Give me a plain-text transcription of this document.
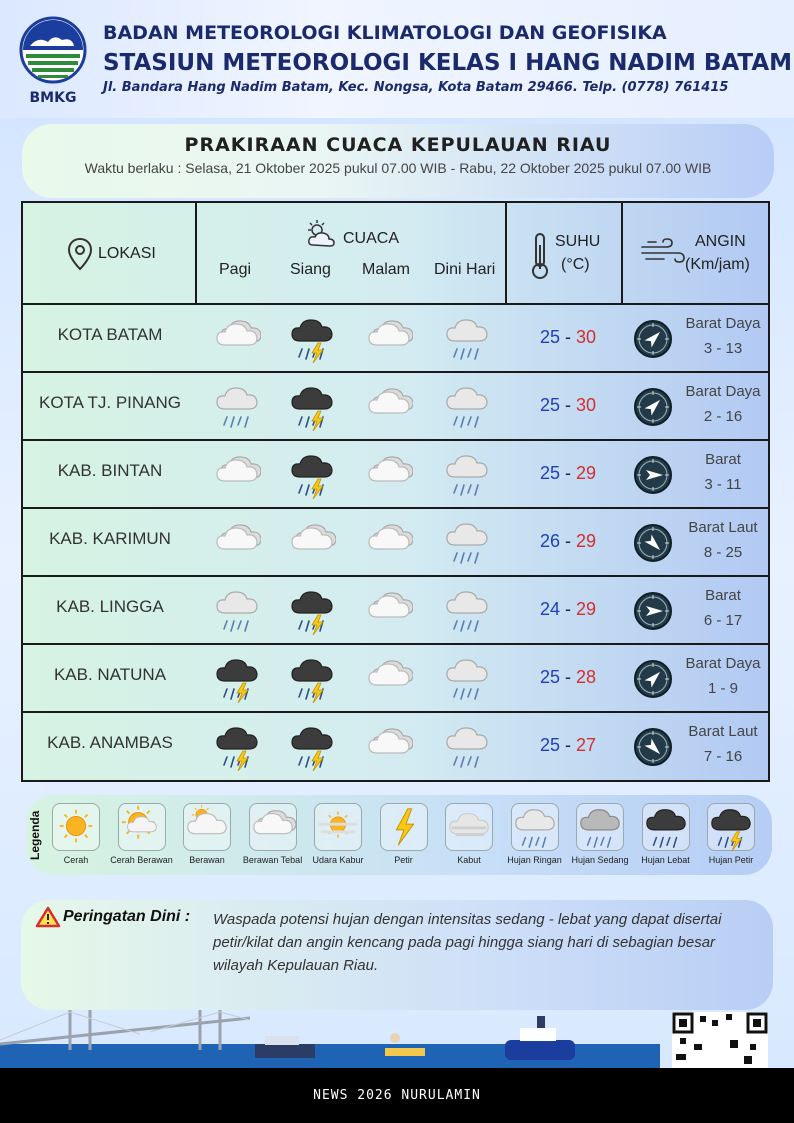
BMKG
BADAN METEOROLOGI KLIMATOLOGI DAN GEOFISIKA
STASIUN METEOROLOGI KELAS I HANG NADIM BATAM
Jl. Bandara Hang Nadim Batam, Kec. Nongsa, Kota Batam 29466. Telp. (0778) 761415
PRAKIRAAN CUACA KEPULAUAN RIAU
Waktu berlaku : Selasa, 21 Oktober 2025 pukul 07.00 WIB - Rabu, 22 Oktober 2025 pukul 07.00 WIB
LOKASI
CUACA
Pagi Siang Malam Dini Hari
SUHU
(°C)
ANGIN
(Km/jam)
KOTA BATAM	25 - 30
Barat Daya
3 - 13
KOTA TJ. PINANG	25 - 30
Barat Daya
2 - 16
KAB. BINTAN	25 - 29
Barat
3 - 11
KAB. KARIMUN	26 - 29
Barat Laut
8 - 25
KAB. LINGGA	24 - 29
Barat
6 - 17
KAB. NATUNA	25 - 28
Barat Daya
1 - 9
KAB. ANAMBAS	25 - 27
Barat Laut
7 - 16
Legenda
Cerah	Cerah Berawan	Berawan	Berawan Tebal	Udara Kabur	Petir	Kabut	Hujan Ringan	Hujan Sedang	Hujan Lebat	Hujan Petir
Peringatan Dini : Waspada potensi hujan dengan intensitas sedang - lebat yang dapat disertai petir/kilat dan angin kencang pada pagi hingga siang hari di sebagian besar wilayah Kepulauan Riau.
NEWS 2026 NURULAMIN
